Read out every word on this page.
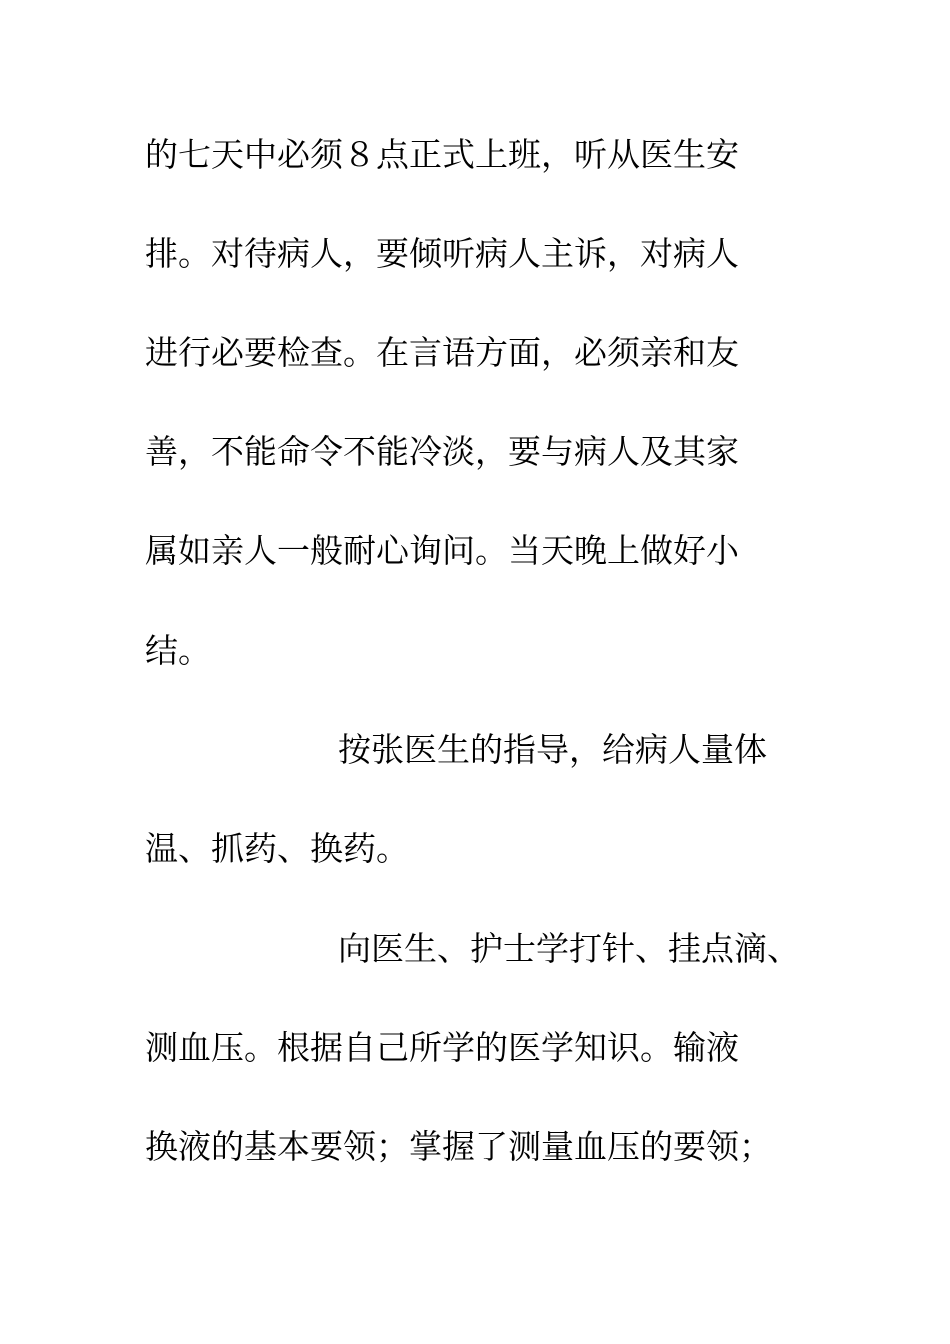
的七天中必须８点正式上班，听从医生安

排。对待病人，要倾听病人主诉，对病人

进行必要检查。在言语方面，必须亲和友

善，不能命令不能冷淡，要与病人及其家

属如亲人一般耐心询问。当天晚上做好小

结。

按张医生的指导，给病人量体

温、抓药、换药。

向医生、护士学打针、挂点滴、

测血压。根据自己所学的医学知识。输液

换液的基本要领；掌握了测量血压的要领；
